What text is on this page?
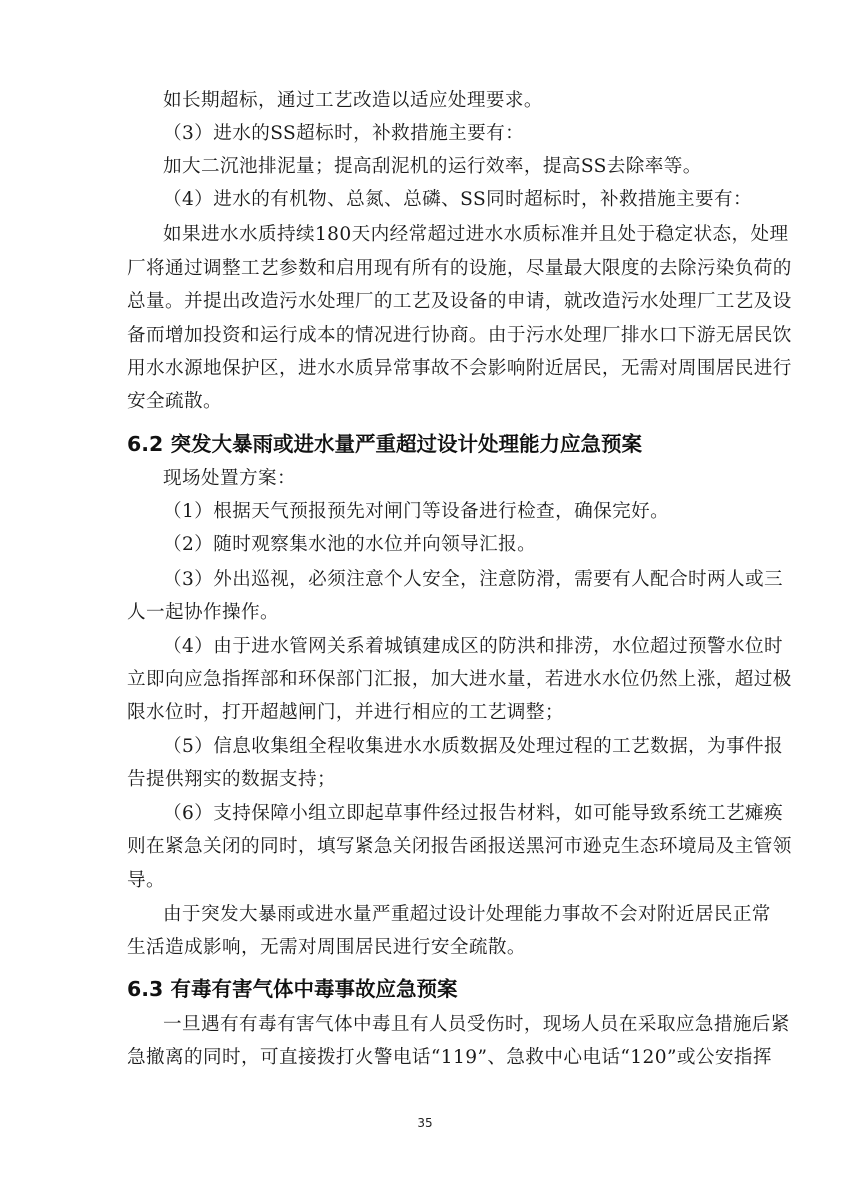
如长期超标，通过工艺改造以适应处理要求。
（3）进水的SS超标时，补救措施主要有：
加大二沉池排泥量；提高刮泥机的运行效率，提高SS去除率等。
（4）进水的有机物、总氮、总磷、SS同时超标时，补救措施主要有：
如果进水水质持续180天内经常超过进水水质标准并且处于稳定状态，处理
厂将通过调整工艺参数和启用现有所有的设施，尽量最大限度的去除污染负荷的
总量。并提出改造污水处理厂的工艺及设备的申请，就改造污水处理厂工艺及设
备而增加投资和运行成本的情况进行协商。由于污水处理厂排水口下游无居民饮
用水水源地保护区，进水水质异常事故不会影响附近居民，无需对周围居民进行
安全疏散。
6.2 突发大暴雨或进水量严重超过设计处理能力应急预案
现场处置方案：
（1）根据天气预报预先对闸门等设备进行检查，确保完好。
（2）随时观察集水池的水位并向领导汇报。
（3）外出巡视，必须注意个人安全，注意防滑，需要有人配合时两人或三
人一起协作操作。
（4）由于进水管网关系着城镇建成区的防洪和排涝，水位超过预警水位时
立即向应急指挥部和环保部门汇报，加大进水量，若进水水位仍然上涨，超过极
限水位时，打开超越闸门，并进行相应的工艺调整；
（5）信息收集组全程收集进水水质数据及处理过程的工艺数据，为事件报
告提供翔实的数据支持；
（6）支持保障小组立即起草事件经过报告材料，如可能导致系统工艺瘫痪
则在紧急关闭的同时，填写紧急关闭报告函报送黑河市逊克生态环境局及主管领
导。
由于突发大暴雨或进水量严重超过设计处理能力事故不会对附近居民正常
生活造成影响，无需对周围居民进行安全疏散。
6.3 有毒有害气体中毒事故应急预案
一旦遇有有毒有害气体中毒且有人员受伤时，现场人员在采取应急措施后紧
急撤离的同时，可直接拨打火警电话“119”、急救中心电话“120”或公安指挥
35
